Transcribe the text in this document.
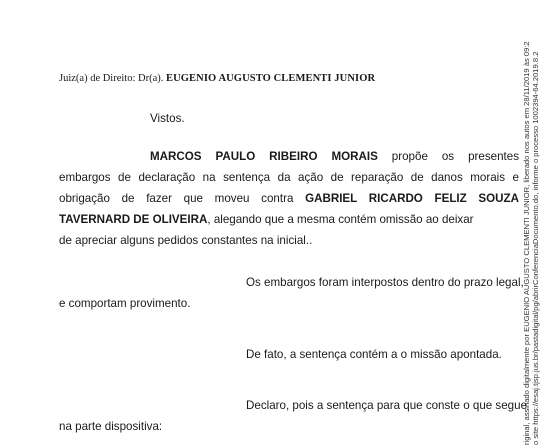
Juiz(a) de Direito: Dr(a). EUGENIO AUGUSTO CLEMENTI JUNIOR
Vistos.
MARCOS PAULO RIBEIRO MORAIS propõe os presentes
embargos de declaração na sentença da ação de reparação de danos morais e
obrigação de fazer que moveu contra GABRIEL RICARDO FELIZ SOUZA
TAVERNARD DE OLIVEIRA, alegando que a mesma contém omissão ao deixar
de apreciar alguns pedidos constantes na inicial..
Os embargos foram interpostos dentro do prazo legal,
e comportam provimento.
De fato, a sentença contém a o missão apontada.
Declaro, pois a sentença para que conste o que segue
na parte dispositiva:	riginal, assinado digitalmente por EUGENIO AUGUSTO CLEMENTI JUNIOR, liberado nos autos em 28/11/2019 às 09:2 o site https://esaj.tjsp.jus.br/pastadigital/pg/abrirConferenciaDocumento.do, informe o processo 1002394-64.2019.8.2
